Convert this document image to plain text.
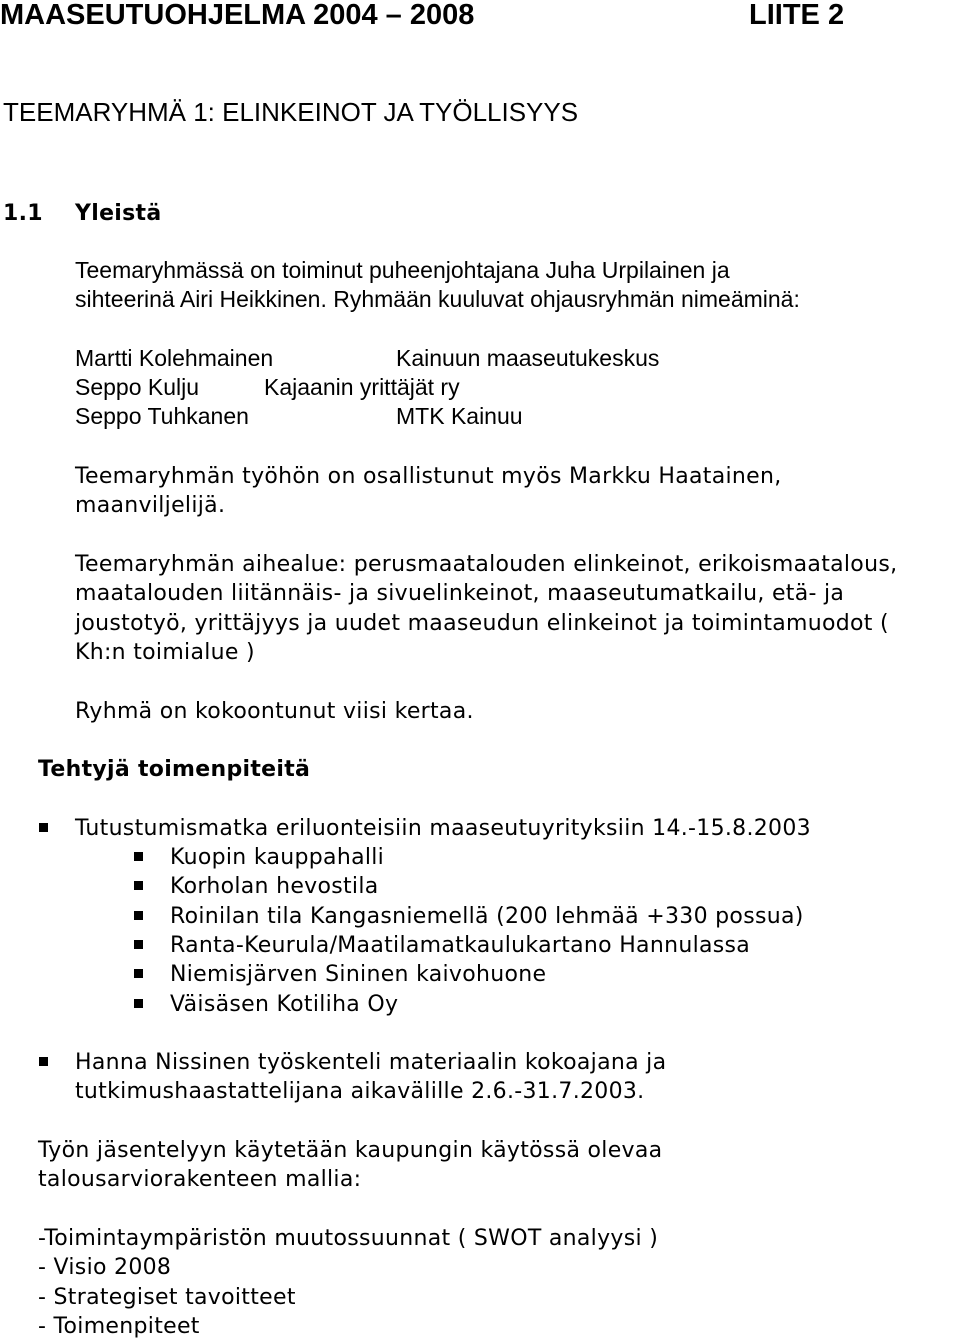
MAASEUTUOHJELMA 2004 – 2008	LIITE 2
TEEMARYHMÄ 1: ELINKEINOT JA TYÖLLISYYS
1.1 Yleistä
Teemaryhmässä on toiminut puheenjohtajana Juha Urpilainen ja
sihteerinä Airi Heikkinen. Ryhmään kuuluvat ohjausryhmän nimeäminä:
Martti Kolehmainen	Kainuun maaseutukeskus
Seppo Kulju	Kajaanin yrittäjät ry
Seppo Tuhkanen	MTK Kainuu
Teemaryhmän työhön on osallistunut myös Markku Haatainen,
maanviljelijä.
Teemaryhmän aihealue: perusmaatalouden elinkeinot, erikoismaatalous,
maatalouden liitännäis- ja sivuelinkeinot, maaseutumatkailu, etä- ja
joustotyö, yrittäjyys ja uudet maaseudun elinkeinot ja toimintamuodot (
Kh:n toimialue )
Ryhmä on kokoontunut viisi kertaa.
Tehtyjä toimenpiteitä
Tutustumismatka eriluonteisiin maaseutuyrityksiin 14.-15.8.2003
Kuopin kauppahalli
Korholan hevostila
Roinilan tila Kangasniemellä (200 lehmää +330 possua)
Ranta-Keurula/Maatilamatkaulukartano Hannulassa
Niemisjärven Sininen kaivohuone
Väisäsen Kotiliha Oy
Hanna Nissinen työskenteli materiaalin kokoajana ja
tutkimushaastattelijana aikavälille 2.6.-31.7.2003.
Työn jäsentelyyn käytetään kaupungin käytössä olevaa
talousarviorakenteen mallia:
-Toimintaympäristön muutossuunnat ( SWOT analyysi )
- Visio 2008
- Strategiset tavoitteet
- Toimenpiteet
